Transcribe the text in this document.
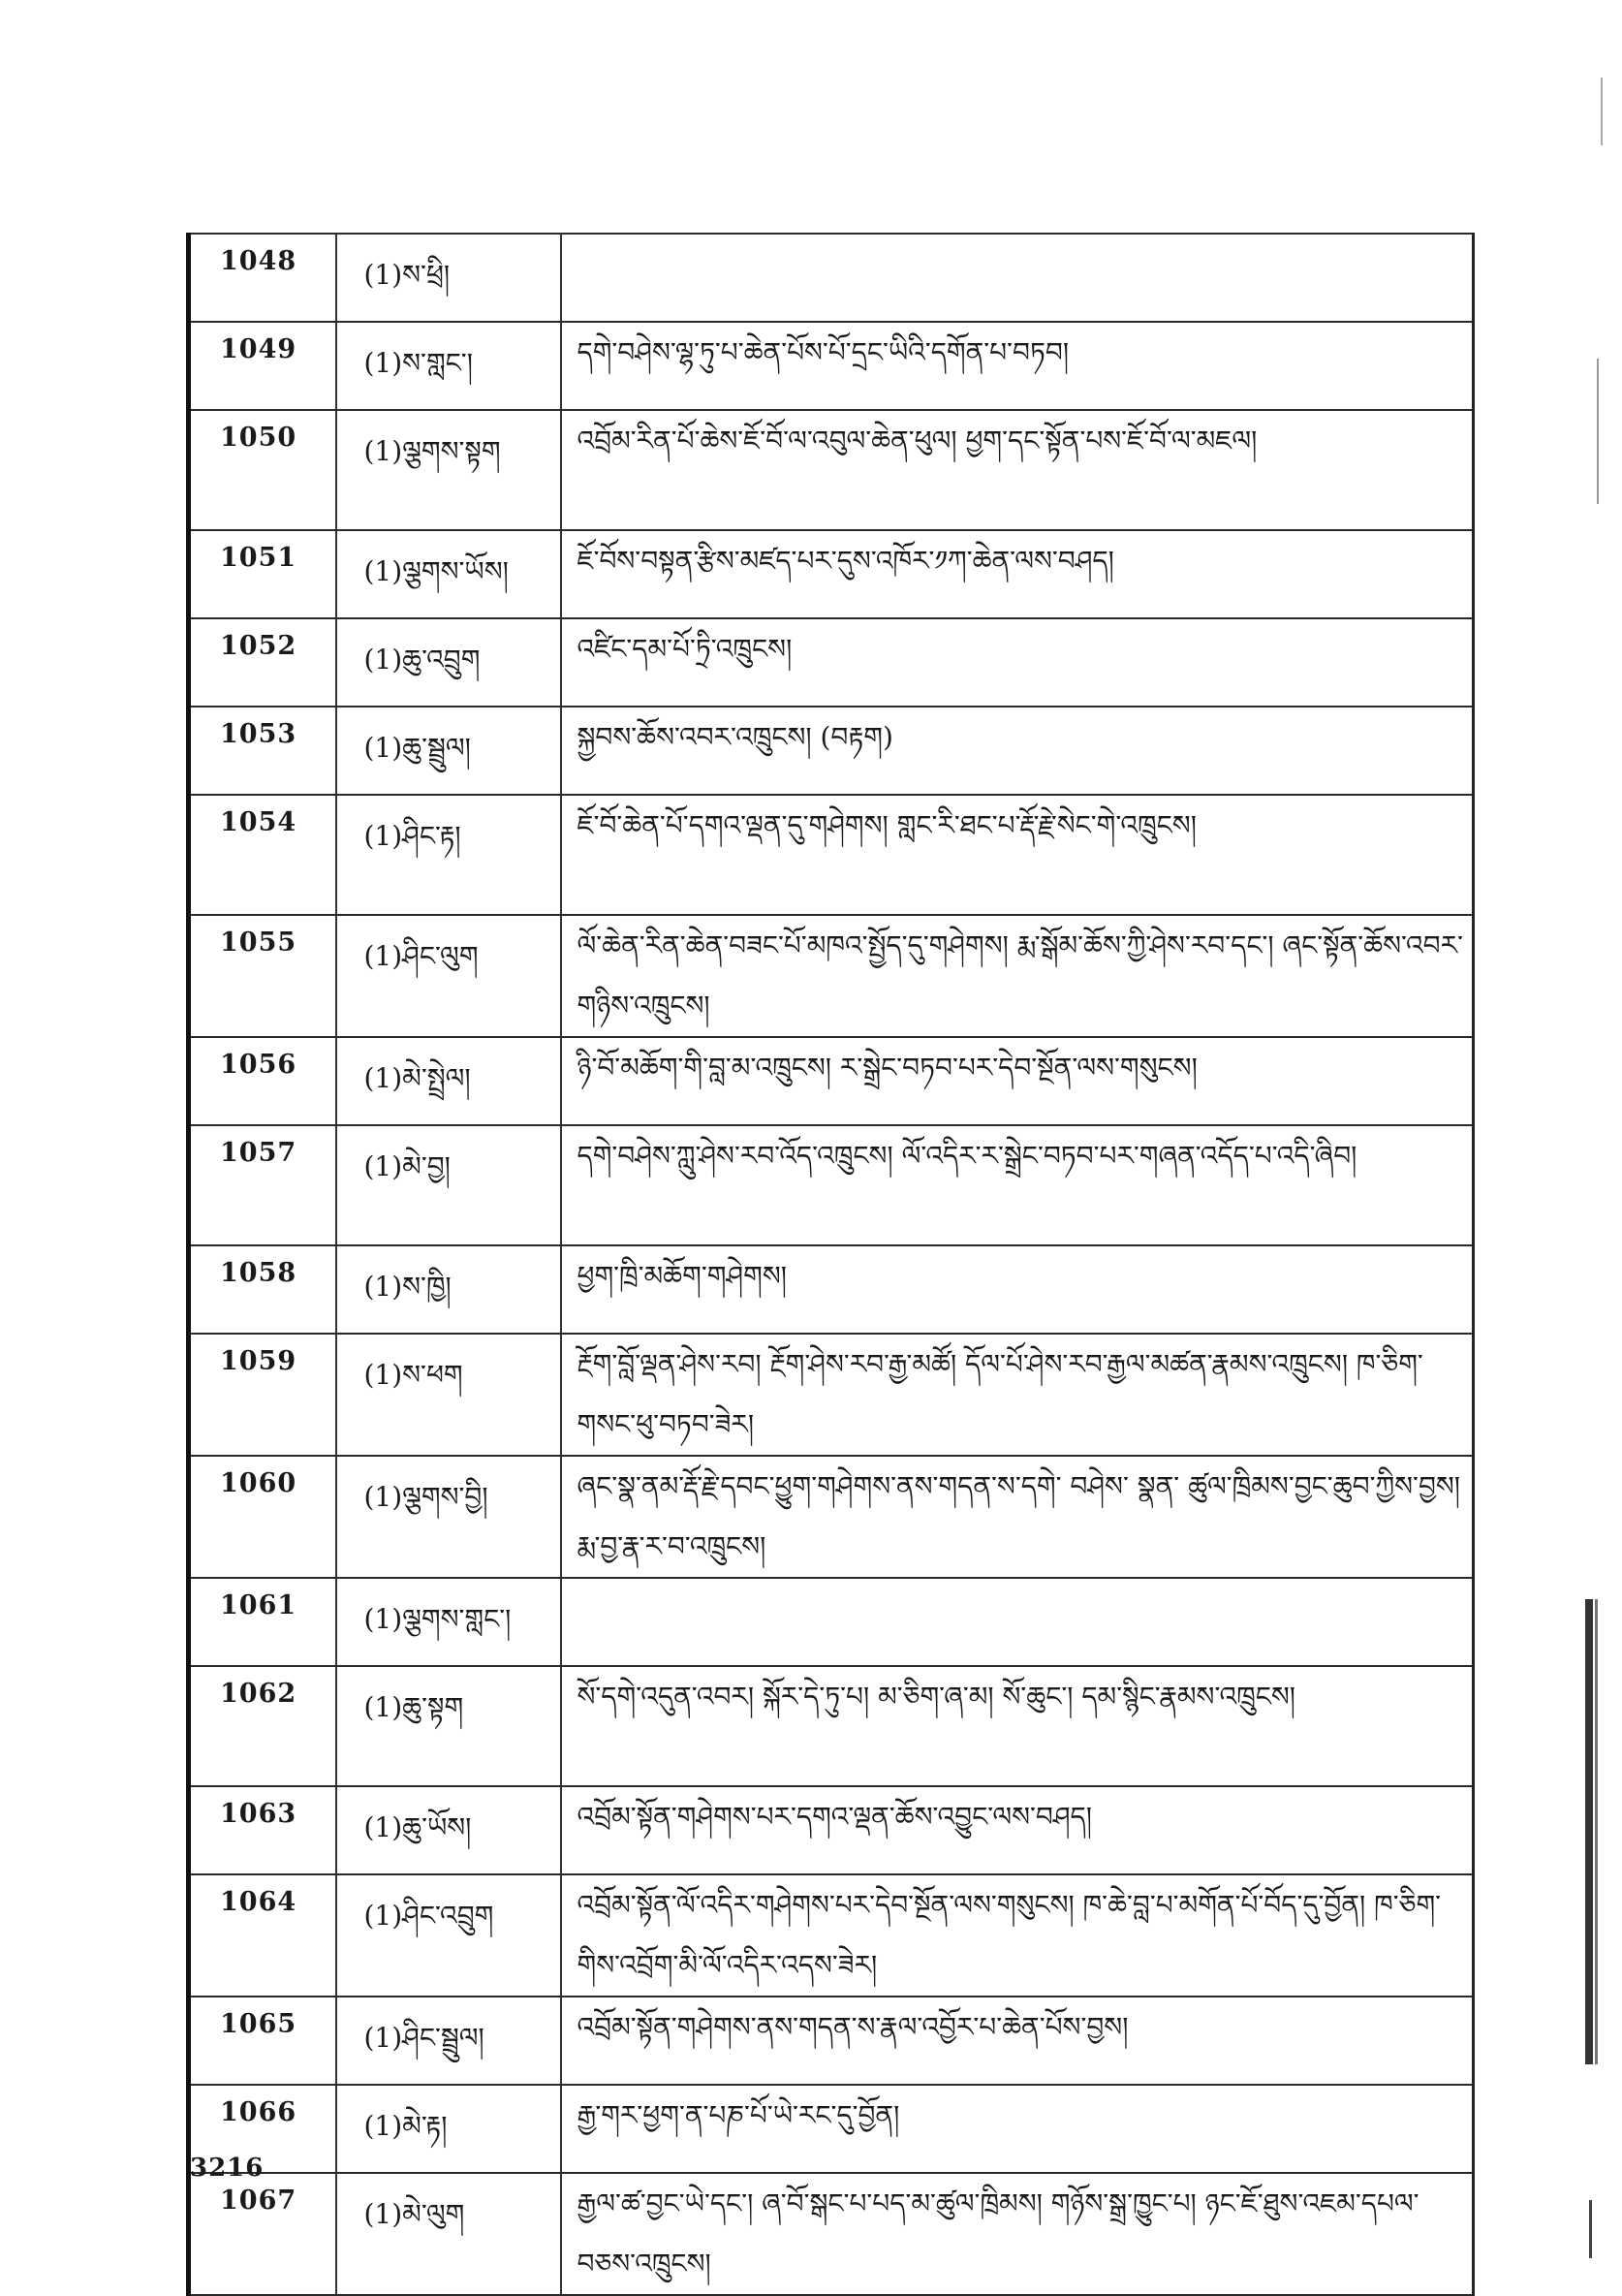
1048	(1)ས་ཕྲི།	
1049	(1)ས་གླང་།	དགེ་བཤེས་ལྷ་ཏུ་པ་ཆེན་པོས་པོ་དྲང་ཡིའི་དགོན་པ་བཏབ།
1050	(1)ལྕགས་སྟག	འབྲོམ་རིན་པོ་ཆེས་ཇོ་བོ་ལ་འབུལ་ཆེན་ཕུལ། ཕྱག་དང་སྟོན་པས་ཇོ་བོ་ལ་མཇལ།
1051	(1)ལྕགས་ཡོས།	ཇོ་བོས་བསྟན་རྩིས་མཛད་པར་དུས་འཁོར་༡ཀ་ཆེན་ལས་བཤད།
1052	(1)ཆུ་འབྲུག	འཛིང་དམ་པོ་ཏྲི་འཁྲུངས།
1053	(1)ཆུ་སྦྲུལ།	སྐྱབས་ཆོས་འབར་འཁྲུངས། (བརྟག)
1054	(1)ཤིང་རྟ།	ཇོ་བོ་ཆེན་པོ་དགའ་ལྡན་དུ་གཤེགས། གླང་རི་ཐང་པ་རྡོ་རྗེ་སེང་གེ་འཁྲུངས།
1055	(1)ཤིང་ལུག	ལོ་ཆེན་རིན་ཆེན་བཟང་པོ་མཁའ་སྤྱོད་དུ་གཤེགས། རྨ་སྒོམ་ཆོས་ཀྱི་ཤེས་རབ་དང་། ཞང་སྟོན་ཆོས་འབར་གཉིས་འཁྲུངས།
1056	(1)མེ་སྤྲེལ།	ཉི་བོ་མཆོག་གི་བླ་མ་འཁྲུངས། ར་སྒྲེང་བཏབ་པར་དེབ་སྔོན་ལས་གསུངས།
1057	(1)མེ་བྱ།	དགེ་བཤེས་ཀླུ་ཤེས་རབ་འོད་འཁྲུངས། ལོ་འདིར་ར་སྒྲེང་བཏབ་པར་གཞན་འདོད་པ་འདི་ཞིབ།
1058	(1)ས་ཁྱི།	ཕྱག་ཁྲི་མཆོག་གཤེགས།
1059	(1)ས་ཕག	རྔོག་བློ་ལྡན་ཤེས་རབ། རྔོག་ཤེས་རབ་རྒྱ་མཚོ། དོལ་པོ་ཤེས་རབ་རྒྱལ་མཚན་རྣམས་འཁྲུངས། ཁ་ཅིག་གསང་ཕུ་བཏབ་ཟེར།
1060	(1)ལྕགས་བྱི།	ཞང་སྣ་ནམ་རྡོ་རྗེ་དབང་ཕྱུག་གཤེགས་ནས་གདན་ས་དགེ་ བཤེས་ སྣན་ ཚུལ་ཁྲིམས་བྱང་ཆུབ་ཀྱིས་བྱས། རྨ་བྱ་རྣ་ར་བ་འཁྲུངས།
1061	(1)ལྕགས་གླང་།	
1062	(1)ཆུ་སྟག	སོ་དགེ་འདུན་འབར། སྐོར་དེ་ཏུ་པ། མ་ཅིག་ཞ་མ། སོ་ཆུང་། དམ་སྙིང་རྣམས་འཁྲུངས།
1063	(1)ཆུ་ཡོས།	འབྲོམ་སྟོན་གཤེགས་པར་དགའ་ལྡན་ཆོས་འབྱུང་ལས་བཤད།
1064	(1)ཤིང་འབྲུག	འབྲོམ་སྟོན་ལོ་འདིར་གཤེགས་པར་དེབ་སྔོན་ལས་གསུངས། ཁ་ཆེ་བླ་པ་མགོན་པོ་བོད་དུ་བྱོན། ཁ་ཅིག་གིས་འབྲོག་མི་ལོ་འདིར་འདས་ཟེར།
1065	(1)ཤིང་སྦྲུལ།	འབྲོམ་སྟོན་གཤེགས་ནས་གདན་ས་རྣལ་འབྱོར་པ་ཆེན་པོས་བྱས།
1066	(1)མེ་རྟ།	རྒྱ་གར་ཕྱག་ན་པཎ་པོ་ཡེ་རང་དུ་བྱོན།
1067	(1)མེ་ལུག	རྒྱལ་ཚ་བྱང་ཡེ་དང་། ཞ་བོ་སྒང་པ་པད་མ་ཚུལ་ཁྲིམས། གཉོས་སྒྲ་ཁྱུང་པ། ཉང་ཇོ་ཐུས་འཇམ་དཔལ་བཅས་འཁྲུངས།
3216
